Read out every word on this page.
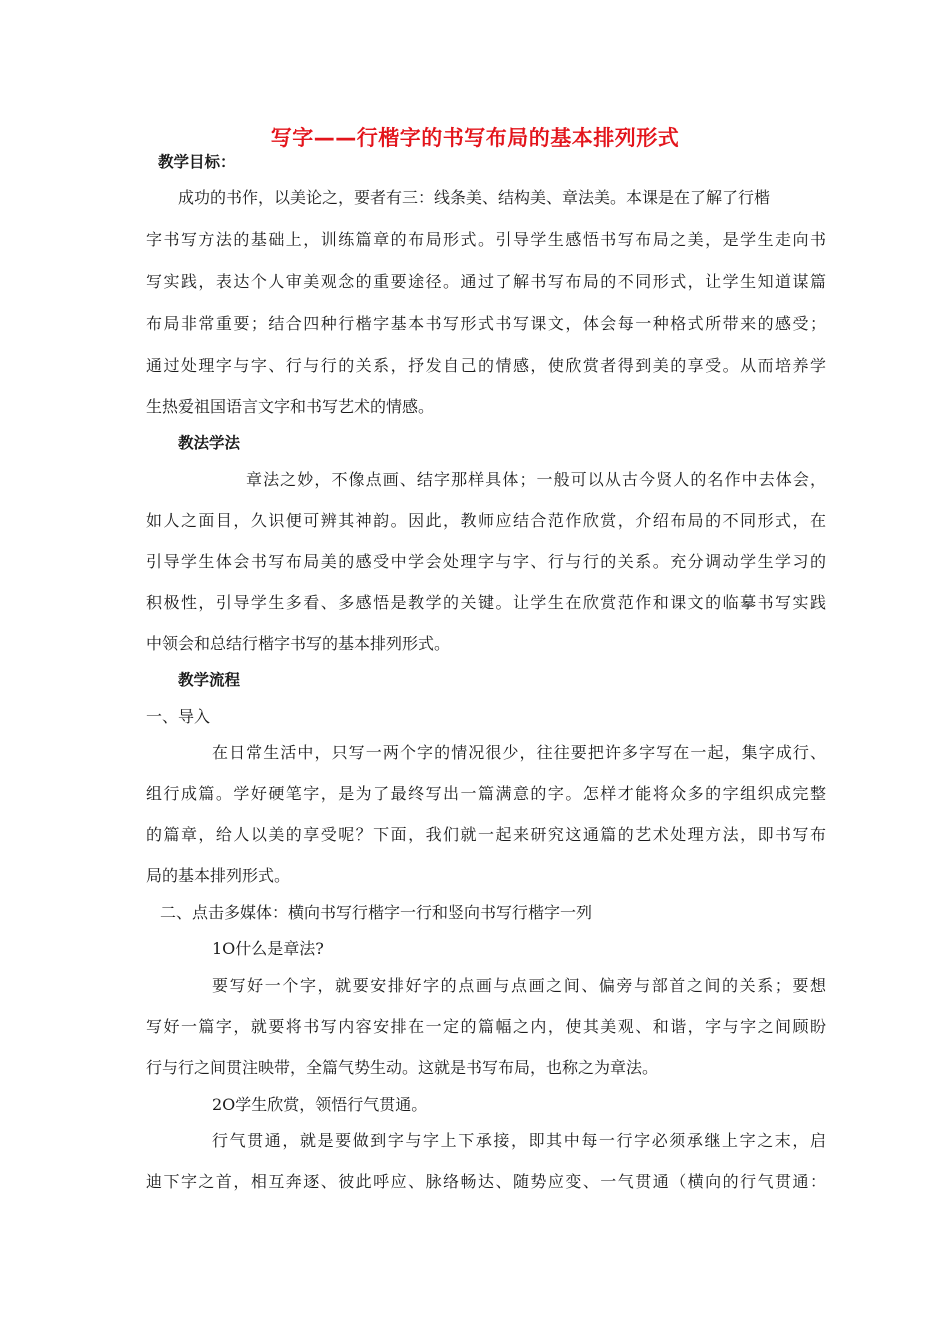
写字——行楷字的书写布局的基本排列形式
教学目标：
成功的书作，以美论之，要者有三：线条美、结构美、章法美。本课是在了解了行楷
字书写方法的基础上，训练篇章的布局形式。引导学生感悟书写布局之美，是学生走向书
写实践，表达个人审美观念的重要途径。通过了解书写布局的不同形式，让学生知道谋篇
布局非常重要；结合四种行楷字基本书写形式书写课文，体会每一种格式所带来的感受；
通过处理字与字、行与行的关系，抒发自己的情感，使欣赏者得到美的享受。从而培养学
生热爱祖国语言文字和书写艺术的情感。
教法学法
章法之妙，不像点画、结字那样具体；一般可以从古今贤人的名作中去体会，
如人之面目，久识便可辨其神韵。因此，教师应结合范作欣赏，介绍布局的不同形式，在
引导学生体会书写布局美的感受中学会处理字与字、行与行的关系。充分调动学生学习的
积极性，引导学生多看、多感悟是教学的关键。让学生在欣赏范作和课文的临摹书写实践
中领会和总结行楷字书写的基本排列形式。
教学流程
一、导入
在日常生活中，只写一两个字的情况很少，往往要把许多字写在一起，集字成行、
组行成篇。学好硬笔字，是为了最终写出一篇满意的字。怎样才能将众多的字组织成完整
的篇章，给人以美的享受呢？下面，我们就一起来研究这通篇的艺术处理方法，即书写布
局的基本排列形式。
二、点击多媒体：横向书写行楷字一行和竖向书写行楷字一列
1O什么是章法?
要写好一个字，就要安排好字的点画与点画之间、偏旁与部首之间的关系；要想
写好一篇字，就要将书写内容安排在一定的篇幅之内，使其美观、和谐，字与字之间顾盼
行与行之间贯注映带，全篇气势生动。这就是书写布局，也称之为章法。
2O学生欣赏，领悟行气贯通。
行气贯通，就是要做到字与字上下承接，即其中每一行字必须承继上字之末，启
迪下字之首，相互奔逐、彼此呼应、脉络畅达、随势应变、一气贯通（横向的行气贯通：
